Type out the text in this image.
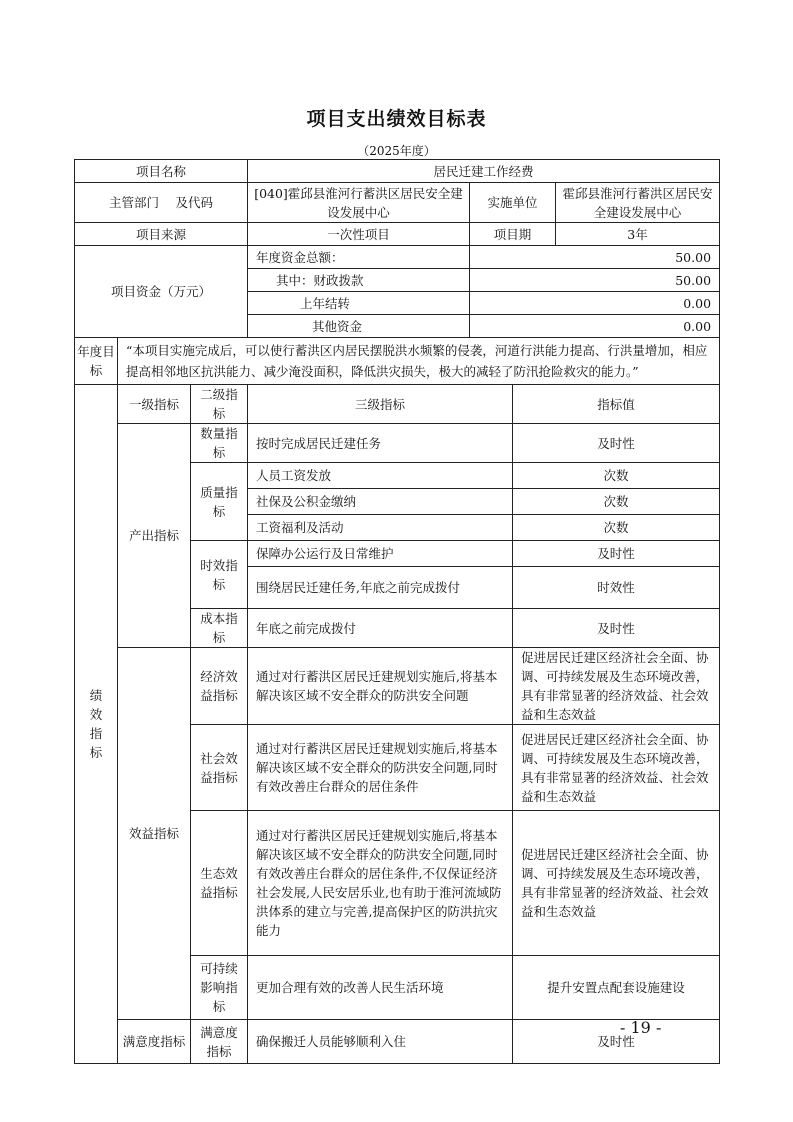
项目支出绩效目标表
（2025年度）
项目名称			居民迁建工作经费			
主管部门　 及代码			[040]霍邱县淮河行蓄洪区居民安全建设发展中心	实施单位		霍邱县淮河行蓄洪区居民安全建设发展中心
项目来源			一次性项目	项目期		3年
项目资金（万元）			年度资金总额：	50.00		
			其中：财政拨款	50.00		
			上年结转	0.00		
			其他资金	0.00		
年度目标	“本项目实施完成后，可以使行蓄洪区内居民摆脱洪水频繁的侵袭，河道行洪能力提高、行洪量增加，相应提高相邻地区抗洪能力、减少淹没面积，降低洪灾损失，极大的减轻了防汛抢险救灾的能力。”					
绩效指标	一级指标	二级指标	三级指标		指标值	
	产出指标	数量指标	按时完成居民迁建任务		及时性	
		质量指标	人员工资发放		次数	
			社保及公积金缴纳		次数	
			工资福利及活动		次数	
		时效指标	保障办公运行及日常维护		及时性	
			围绕居民迁建任务,年底之前完成拨付		时效性	
		成本指标	年底之前完成拨付		及时性	
	效益指标	经济效益指标	通过对行蓄洪区居民迁建规划实施后,将基本解决该区域不安全群众的防洪安全问题		促进居民迁建区经济社会全面、协调、可持续发展及生态环境改善，具有非常显著的经济效益、社会效益和生态效益	
		社会效益指标	通过对行蓄洪区居民迁建规划实施后,将基本解决该区域不安全群众的防洪安全问题,同时有效改善庄台群众的居住条件		促进居民迁建区经济社会全面、协调、可持续发展及生态环境改善，具有非常显著的经济效益、社会效益和生态效益	
		生态效益指标	通过对行蓄洪区居民迁建规划实施后,将基本解决该区域不安全群众的防洪安全问题,同时有效改善庄台群众的居住条件,不仅保证经济社会发展,人民安居乐业,也有助于淮河流域防洪体系的建立与完善,提高保护区的防洪抗灾能力		促进居民迁建区经济社会全面、协调、可持续发展及生态环境改善，具有非常显著的经济效益、社会效益和生态效益	
		可持续影响指标	更加合理有效的改善人民生活环境		提升安置点配套设施建设	
	满意度指标	满意度指标	确保搬迁人员能够顺利入住		及时性	
- 19 -
